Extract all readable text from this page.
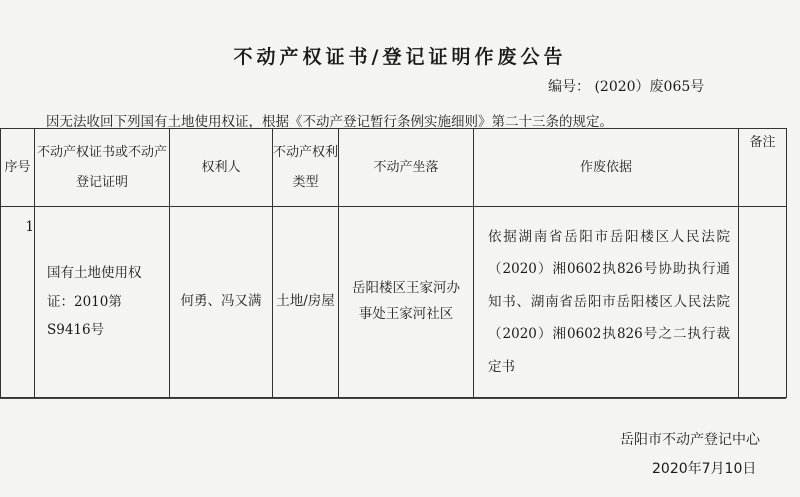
不动产权证书/登记证明作废公告
编号： (2020）废065号
因无法收回下列国有土地使用权证，根据《不动产登记暂行条例实施细则》第二十三条的规定。
序号	不动产权证书或不动产登记证明	权利人	不动产权利类型	不动产坐落	作废依据	备注
1	国有土地使用权证：2010第S9416号	何勇、冯又满	土地/房屋	岳阳楼区王家河办事处王家河社区	依据湖南省岳阳市岳阳楼区人民法院（2020）湘0602执826号协助执行通知书、湖南省岳阳市岳阳楼区人民法院（2020）湘0602执826号之二执行裁定书	
岳阳市不动产登记中心
2020年7月10日
